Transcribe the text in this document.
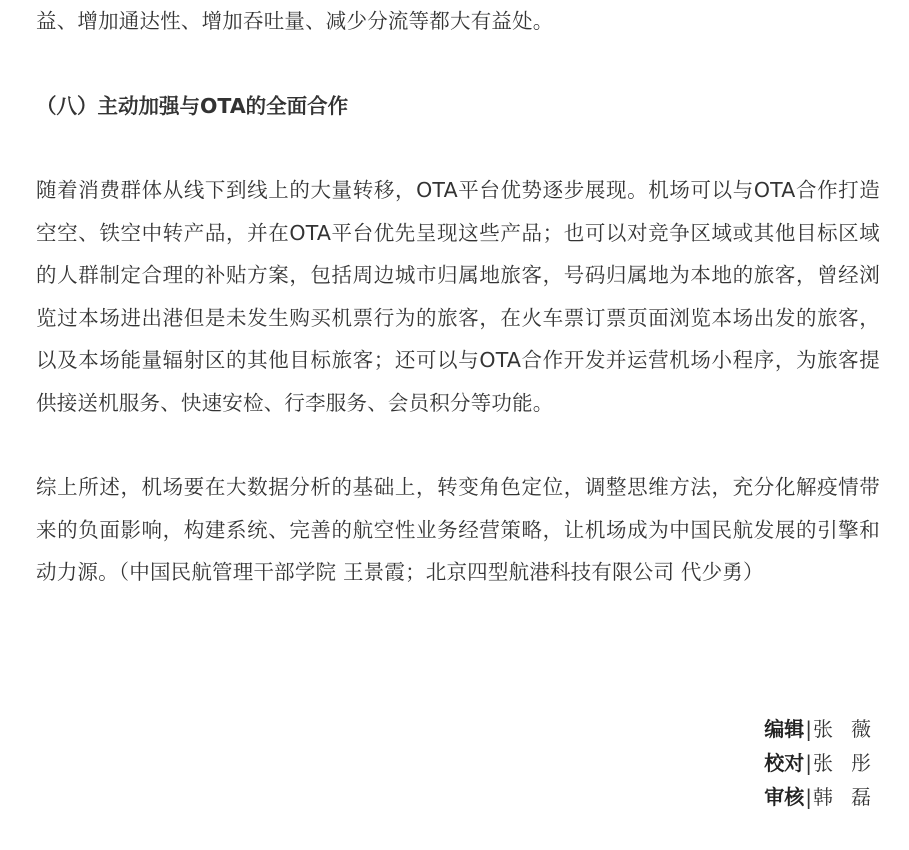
益、增加通达性、增加吞吐量、减少分流等都大有益处。

（八）主动加强与OTA的全面合作

随着消费群体从线下到线上的大量转移，OTA平台优势逐步展现。机场可以与OTA合作打造空空、铁空中转产品，并在OTA平台优先呈现这些产品；也可以对竞争区域或其他目标区域的人群制定合理的补贴方案，包括周边城市归属地旅客，号码归属地为本地的旅客，曾经浏览过本场进出港但是未发生购买机票行为的旅客，在火车票订票页面浏览本场出发的旅客，以及本场能量辐射区的其他目标旅客；还可以与OTA合作开发并运营机场小程序，为旅客提供接送机服务、快速安检、行李服务、会员积分等功能。

综上所述，机场要在大数据分析的基础上，转变角色定位，调整思维方法，充分化解疫情带来的负面影响，构建系统、完善的航空性业务经营策略，让机场成为中国民航发展的引擎和动力源。（中国民航管理干部学院 王景霞；北京四型航港科技有限公司 代少勇）

编辑 | 张薇
校对 | 张彤
审核 | 韩磊
